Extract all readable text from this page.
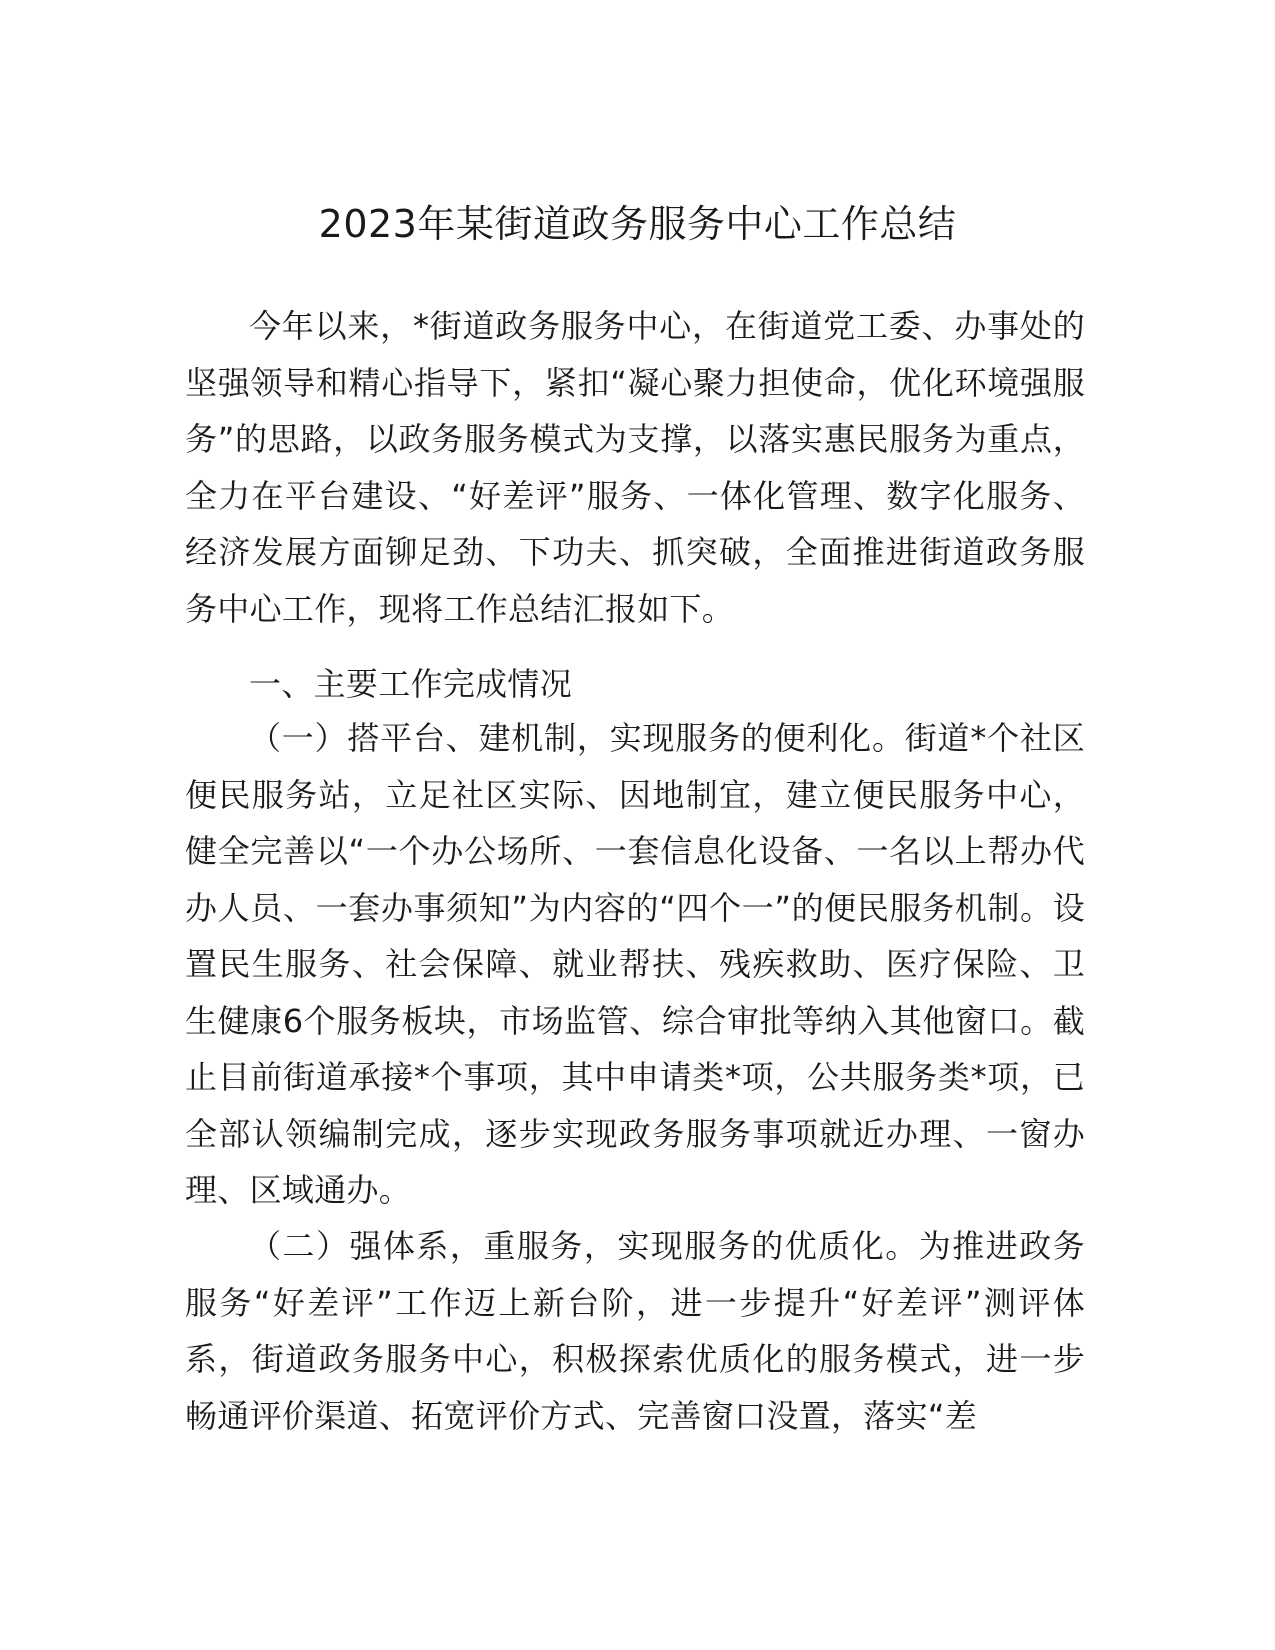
2023年某街道政务服务中心工作总结

今年以来，*街道政务服务中心，在街道党工委、办事处的坚强领导和精心指导下，紧扣“凝心聚力担使命，优化环境强服务”的思路，以政务服务模式为支撑，以落实惠民服务为重点，全力在平台建设、“好差评”服务、一体化管理、数字化服务、经济发展方面铆足劲、下功夫、抓突破，全面推进街道政务服务中心工作，现将工作总结汇报如下。

一、主要工作完成情况

（一）搭平台、建机制，实现服务的便利化。街道*个社区便民服务站，立足社区实际、因地制宜，建立便民服务中心，健全完善以“一个办公场所、一套信息化设备、一名以上帮办代办人员、一套办事须知”为内容的“四个一”的便民服务机制。设置民生服务、社会保障、就业帮扶、残疾救助、医疗保险、卫生健康6个服务板块，市场监管、综合审批等纳入其他窗口。截止目前街道承接*个事项，其中申请类*项，公共服务类*项，已全部认领编制完成，逐步实现政务服务事项就近办理、一窗办理、区域通办。

（二）强体系，重服务，实现服务的优质化。为推进政务服务“好差评”工作迈上新台阶，进一步提升“好差评”测评体系，街道政务服务中心，积极探索优质化的服务模式，进一步畅通评价渠道、拓宽评价方式、完善窗口没置，落实“差
